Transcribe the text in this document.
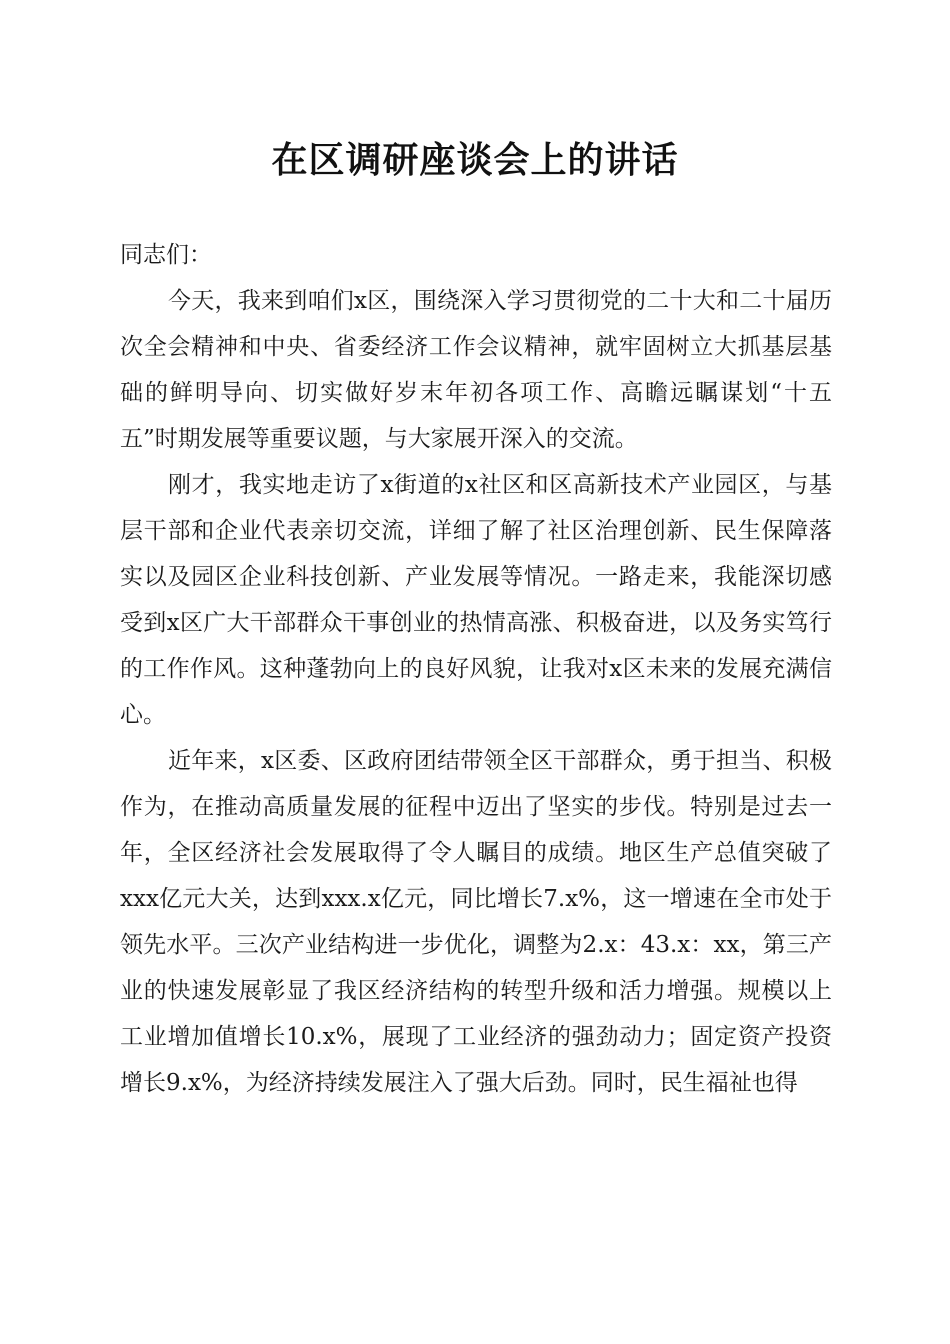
在区调研座谈会上的讲话

同志们：

今天，我来到咱们x区，围绕深入学习贯彻党的二十大和二十届历次全会精神和中央、省委经济工作会议精神，就牢固树立大抓基层基础的鲜明导向、切实做好岁末年初各项工作、高瞻远瞩谋划“十五五”时期发展等重要议题，与大家展开深入的交流。

刚才，我实地走访了x街道的x社区和区高新技术产业园区，与基层干部和企业代表亲切交流，详细了解了社区治理创新、民生保障落实以及园区企业科技创新、产业发展等情况。一路走来，我能深切感受到x区广大干部群众干事创业的热情高涨、积极奋进，以及务实笃行的工作作风。这种蓬勃向上的良好风貌，让我对x区未来的发展充满信心。

近年来，x区委、区政府团结带领全区干部群众，勇于担当、积极作为，在推动高质量发展的征程中迈出了坚实的步伐。特别是过去一年，全区经济社会发展取得了令人瞩目的成绩。地区生产总值突破了xxx亿元大关，达到xxx.x亿元，同比增长7.x%，这一增速在全市处于领先水平。三次产业结构进一步优化，调整为2.x：43.x：xx，第三产业的快速发展彰显了我区经济结构的转型升级和活力增强。规模以上工业增加值增长10.x%，展现了工业经济的强劲动力；固定资产投资增长9.x%，为经济持续发展注入了强大后劲。同时，民生福祉也得
